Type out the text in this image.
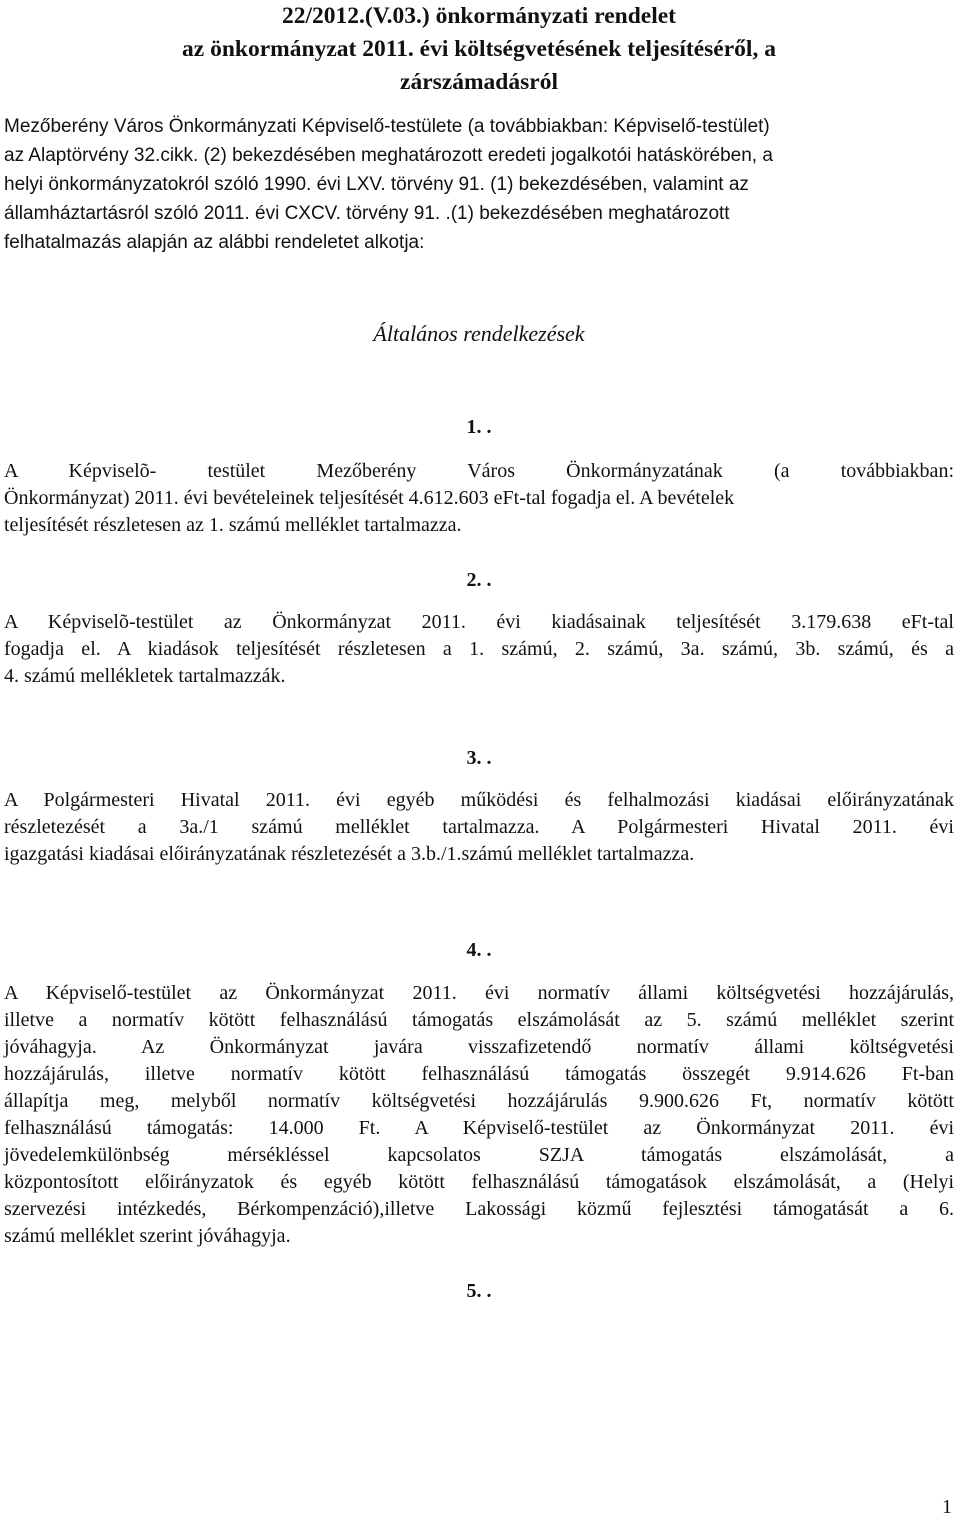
22/2012.(V.03.) önkormányzati rendelet
az önkormányzat 2011. évi költségvetésének teljesítéséről, a
zárszámadásról

Mezőberény Város Önkormányzati Képviselő-testülete (a továbbiakban: Képviselő-testület)

az Alaptörvény 32.cikk. (2) bekezdésében meghatározott eredeti jogalkotói hatáskörében, a

helyi önkormányzatokról szóló 1990. évi LXV. törvény 91. (1) bekezdésében, valamint az

államháztartásról szóló 2011. évi CXCV. törvény 91. .(1) bekezdésében meghatározott

felhatalmazás alapján az alábbi rendeletet alkotja:

Általános rendelkezések
1. .
A Képviselõ- testület Mezőberény Város Önkormányzatának (a továbbiakban:
Önkormányzat) 2011. évi bevételeinek teljesítését 4.612.603 eFt-tal fogadja el. A bevételek
teljesítését részletesen az 1. számú melléklet tartalmazza.
2. .
A Képviselõ-testület az Önkormányzat 2011. évi kiadásainak teljesítését 3.179.638 eFt-tal
fogadja el. A kiadások teljesítését részletesen a 1. számú, 2. számú, 3a. számú, 3b. számú, és a
4. számú mellékletek tartalmazzák.
3. .
A Polgármesteri Hivatal 2011. évi egyéb működési és felhalmozási kiadásai előirányzatának
részletezését a 3a./1 számú melléklet tartalmazza. A Polgármesteri Hivatal 2011. évi
igazgatási kiadásai előirányzatának részletezését a 3.b./1.számú melléklet tartalmazza.
4. .
A Képviselő-testület az Önkormányzat 2011. évi normatív állami költségvetési hozzájárulás,
illetve a normatív kötött felhasználású támogatás elszámolását az 5. számú melléklet szerint
jóváhagyja. Az Önkormányzat javára visszafizetendő normatív állami költségvetési
hozzájárulás, illetve normatív kötött felhasználású támogatás összegét 9.914.626 Ft-ban
állapítja meg, melyből normatív költségvetési hozzájárulás 9.900.626 Ft, normatív kötött
felhasználású támogatás: 14.000 Ft. A Képviselő-testület az Önkormányzat 2011. évi
jövedelemkülönbség mérsékléssel kapcsolatos SZJA támogatás elszámolását, a
központosított előirányzatok és egyéb kötött felhasználású támogatások elszámolását, a (Helyi
szervezési intézkedés, Bérkompenzáció),illetve Lakossági közmű fejlesztési támogatását a 6.
számú melléklet szerint jóváhagyja.
5. .
1
